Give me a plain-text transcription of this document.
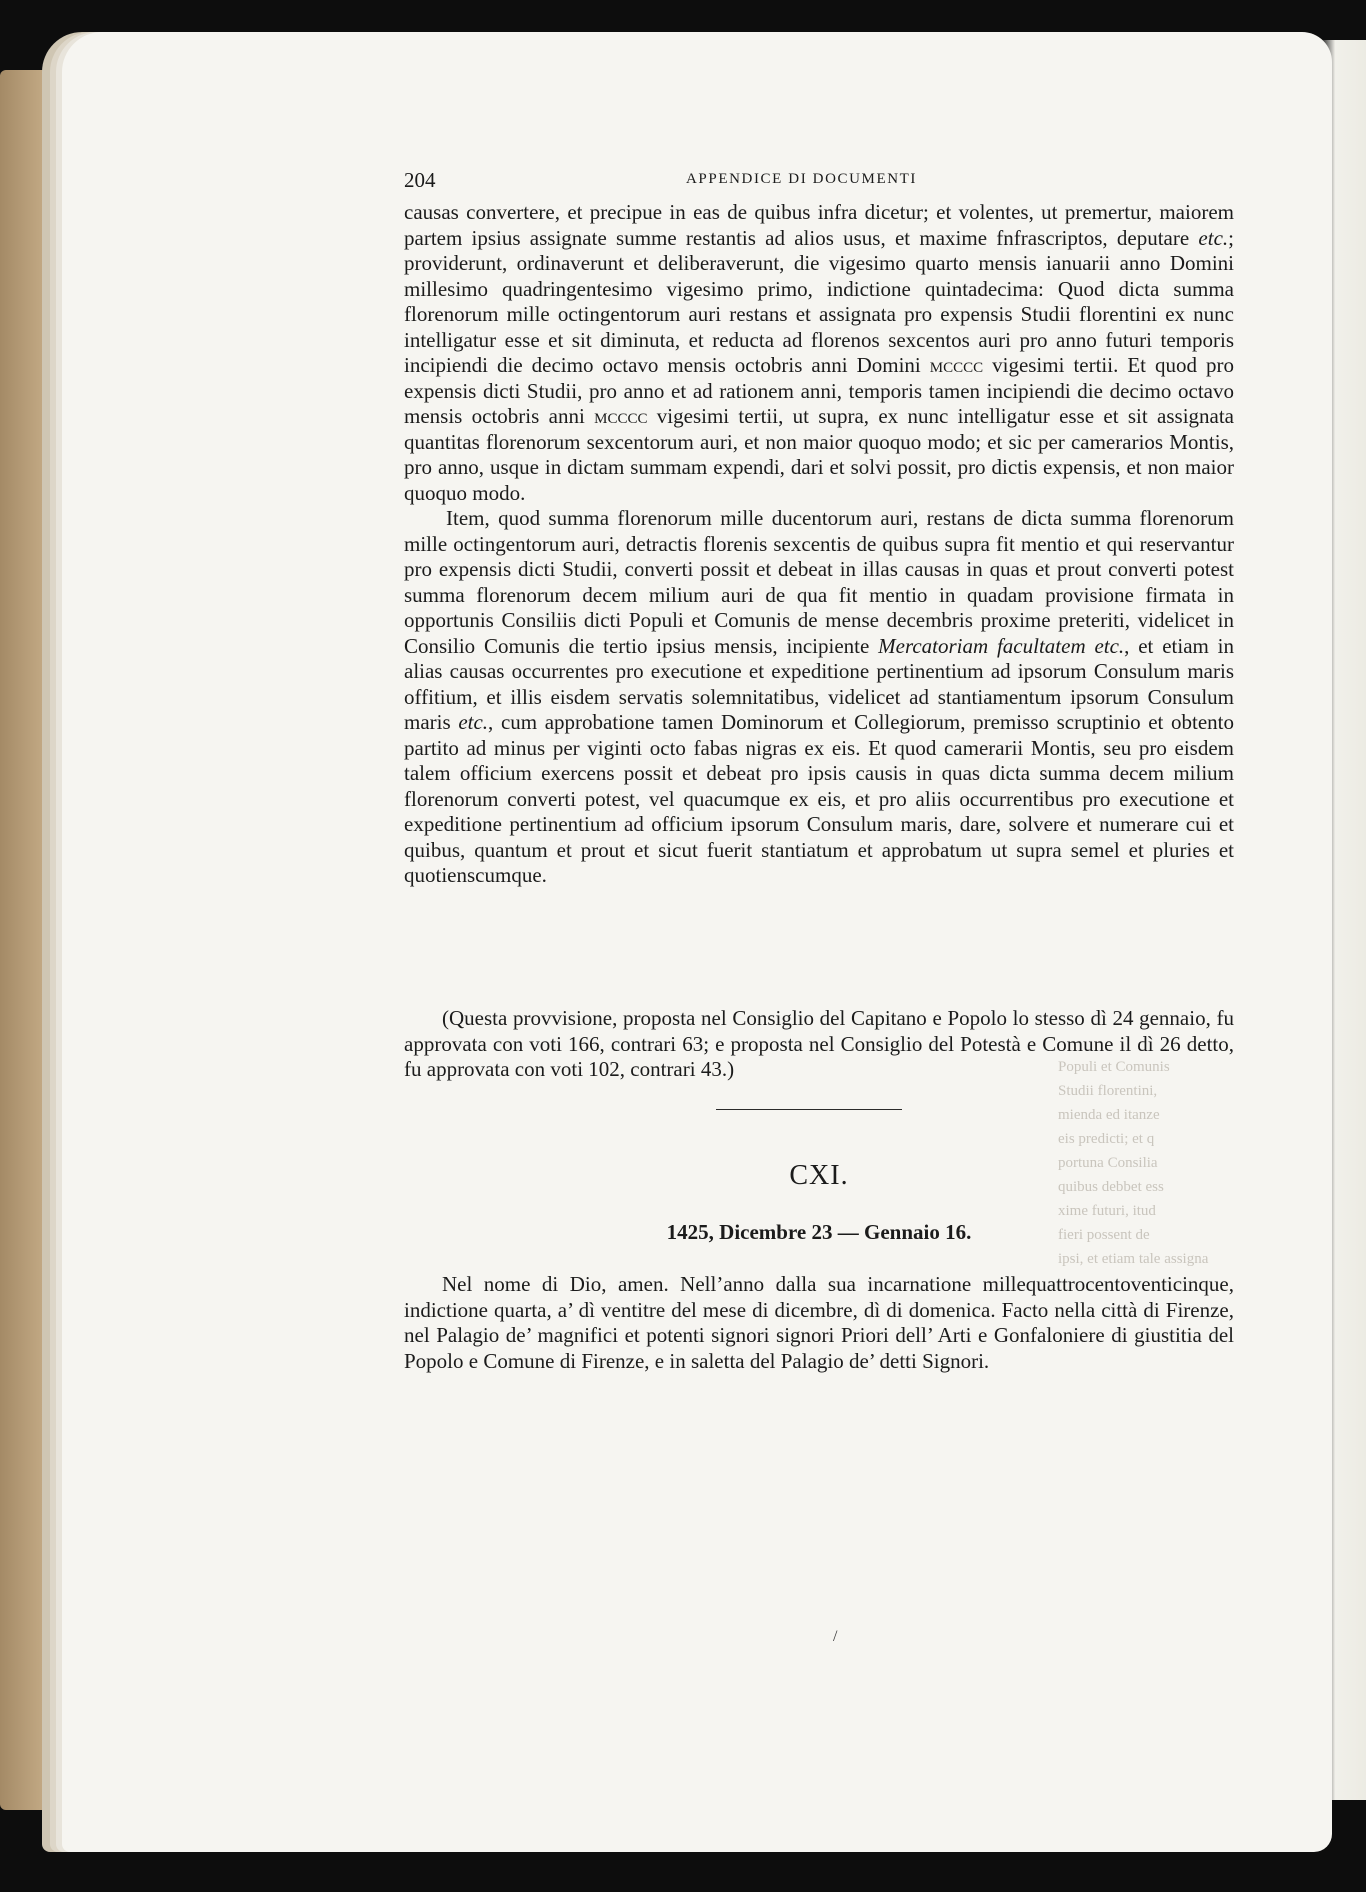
Populi et Comunis
Studii florentini,
mienda ed itanze
eis predicti; et q
portuna Consilia
quibus debbet ess
xime futuri, itud
fieri possent de
ipsi, et etiam tale assigna
204	APPENDICE DI DOCUMENTI

causas convertere, et precipue in eas de quibus infra dicetur; et volentes, ut premertur, maiorem partem ipsius assignate summe restantis ad alios usus, et maxime fnfrascriptos, deputare etc.; providerunt, ordinaverunt et deliberaverunt, die vigesimo quarto mensis ianuarii anno Domini millesimo quadringentesimo vigesimo primo, indictione quintadecima: Quod dicta summa florenorum mille octingentorum auri restans et assignata pro expensis Studii florentini ex nunc intelligatur esse et sit diminuta, et reducta ad florenos sexcentos auri pro anno futuri temporis incipiendi die decimo octavo mensis octobris anni Domini mcccc vigesimi tertii. Et quod pro expensis dicti Studii, pro anno et ad rationem anni, temporis tamen incipiendi die decimo octavo mensis octobris anni mcccc vigesimi tertii, ut supra, ex nunc intelligatur esse et sit assignata quantitas florenorum sexcentorum auri, et non maior quoquo modo; et sic per camerarios Montis, pro anno, usque in dictam summam expendi, dari et solvi possit, pro dictis expensis, et non maior quoquo modo.

Item, quod summa florenorum mille ducentorum auri, restans de dicta summa florenorum mille octingentorum auri, detractis florenis sexcentis de quibus supra fit mentio et qui reservantur pro expensis dicti Studii, converti possit et debeat in illas causas in quas et prout converti potest summa florenorum decem milium auri de qua fit mentio in quadam provisione firmata in opportunis Consiliis dicti Populi et Comunis de mense decembris proxime preteriti, videlicet in Consilio Comunis die tertio ipsius mensis, incipiente Mercatoriam facultatem etc., et etiam in alias causas occurrentes pro executione et expeditione pertinentium ad ipsorum Consulum maris offitium, et illis eisdem servatis solemnitatibus, videlicet ad stantiamentum ipsorum Consulum maris etc., cum approbatione tamen Dominorum et Collegiorum, premisso scruptinio et obtento partito ad minus per viginti octo fabas nigras ex eis. Et quod camerarii Montis, seu pro eisdem talem officium exercens possit et debeat pro ipsis causis in quas dicta summa decem milium florenorum converti potest, vel quacumque ex eis, et pro aliis occurrentibus pro executione et expeditione pertinentium ad officium ipsorum Consulum maris, dare, solvere et numerare cui et quibus, quantum et prout et sicut fuerit stantiatum et approbatum ut supra semel et pluries et quotienscumque.

(Questa provvisione, proposta nel Consiglio del Capitano e Popolo lo stesso dì 24 gennaio, fu approvata con voti 166, contrari 63; e proposta nel Consiglio del Potestà e Comune il dì 26 detto, fu approvata con voti 102, contrari 43.)

CXI.
1425, Dicembre 23 — Gennaio 16.

Nel nome di Dio, amen. Nell’anno dalla sua incarnatione millequattrocentoventicinque, indictione quarta, a’ dì ventitre del mese di dicembre, dì di domenica. Facto nella città di Firenze, nel Palagio de’ magnifici et potenti signori signori Priori dell’ Arti e Gonfaloniere di giustitia del Popolo e Comune di Firenze, e in saletta del Palagio de’ detti Signori.

/
